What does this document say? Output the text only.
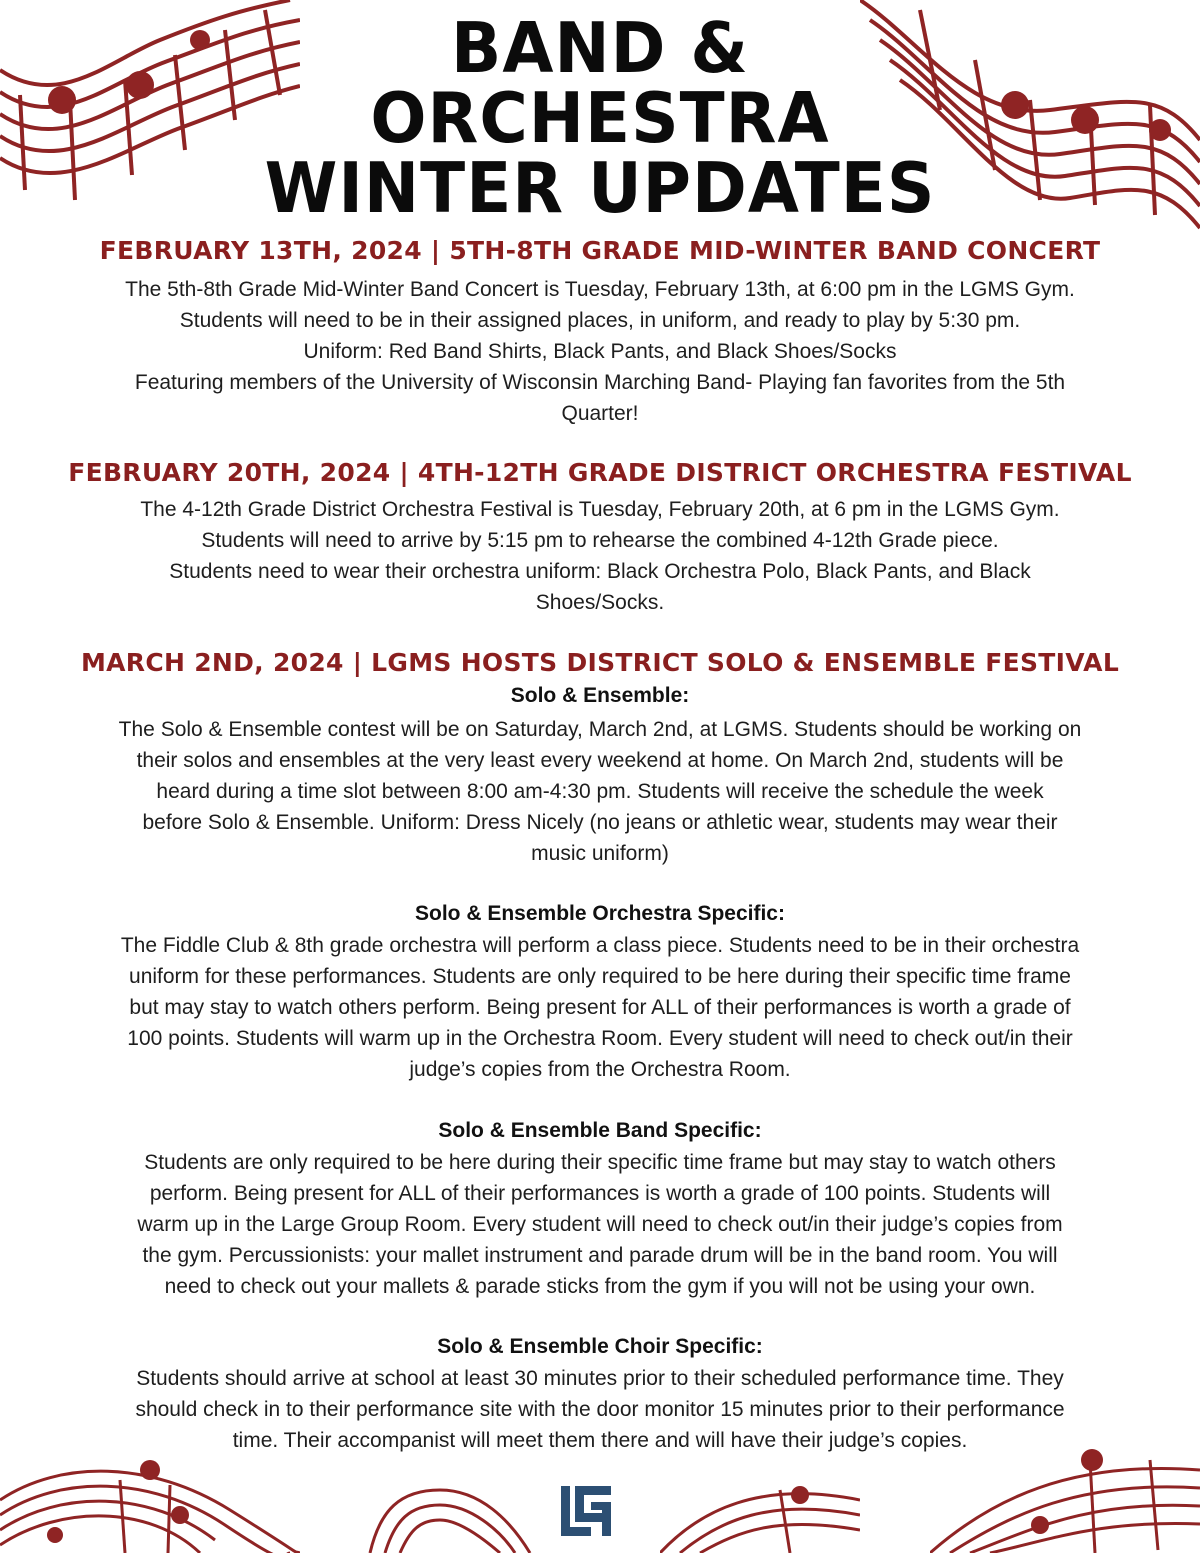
BAND &
ORCHESTRA
WINTER UPDATES
FEBRUARY 13TH, 2024 | 5TH-8TH GRADE MID-WINTER BAND CONCERT
The 5th-8th Grade Mid-Winter Band Concert is Tuesday, February 13th, at 6:00 pm in the LGMS Gym.
Students will need to be in their assigned places, in uniform, and ready to play by 5:30 pm.
Uniform: Red Band Shirts, Black Pants, and Black Shoes/Socks
Featuring members of the University of Wisconsin Marching Band- Playing fan favorites from the 5th
Quarter!
FEBRUARY 20TH, 2024 | 4TH-12TH GRADE DISTRICT ORCHESTRA FESTIVAL
The 4-12th Grade District Orchestra Festival is Tuesday, February 20th, at 6 pm in the LGMS Gym.
Students will need to arrive by 5:15 pm to rehearse the combined 4-12th Grade piece.
Students need to wear their orchestra uniform: Black Orchestra Polo, Black Pants, and Black
Shoes/Socks.
MARCH 2ND, 2024 | LGMS HOSTS DISTRICT SOLO & ENSEMBLE FESTIVAL
Solo & Ensemble:
The Solo & Ensemble contest will be on Saturday, March 2nd, at LGMS. Students should be working on
their solos and ensembles at the very least every weekend at home. On March 2nd, students will be
heard during a time slot between 8:00 am-4:30 pm. Students will receive the schedule the week
before Solo & Ensemble. Uniform: Dress Nicely (no jeans or athletic wear, students may wear their
music uniform)
Solo & Ensemble Orchestra Specific:
The Fiddle Club & 8th grade orchestra will perform a class piece. Students need to be in their orchestra
uniform for these performances. Students are only required to be here during their specific time frame
but may stay to watch others perform. Being present for ALL of their performances is worth a grade of
100 points. Students will warm up in the Orchestra Room. Every student will need to check out/in their
judge’s copies from the Orchestra Room.
Solo & Ensemble Band Specific:
Students are only required to be here during their specific time frame but may stay to watch others
perform. Being present for ALL of their performances is worth a grade of 100 points. Students will
warm up in the Large Group Room. Every student will need to check out/in their judge’s copies from
the gym. Percussionists: your mallet instrument and parade drum will be in the band room. You will
need to check out your mallets & parade sticks from the gym if you will not be using your own.
Solo & Ensemble Choir Specific:
Students should arrive at school at least 30 minutes prior to their scheduled performance time. They
should check in to their performance site with the door monitor 15 minutes prior to their performance
time. Their accompanist will meet them there and will have their judge’s copies.
